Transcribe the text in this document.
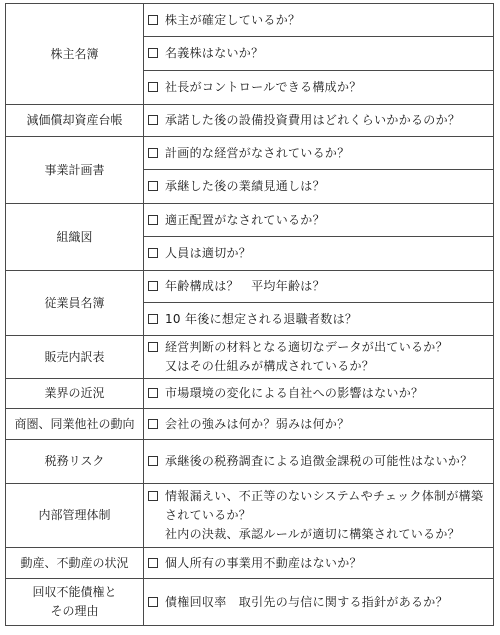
株主名簿	株主が確定しているか？

	名義株はないか？

	社長がコントロールできる構成か？

減価償却資産台帳	承諾した後の設備投資費用はどれくらいかかるのか？

事業計画書	計画的な経営がなされているか？

	承継した後の業績見通しは？

組織図	適正配置がなされているか？

	人員は適切か？

従業員名簿	年齢構成は？　平均年齢は？

	10 年後に想定される退職者数は？

販売内訳表	経営判断の材料となる適切なデータが出ているか？
又はその仕組みが構成されているか？

業界の近況	市場環境の変化による自社への影響はないか？

商圏、同業他社の動向	会社の強みは何か？弱みは何か？

税務リスク	承継後の税務調査による追徴金課税の可能性はないか？

内部管理体制	情報漏えい、不正等のないシステムやチェック体制が構築されているか？
社内の決裁、承認ルールが適切に構築されているか？

動産、不動産の状況	個人所有の事業用不動産はないか？

回収不能債権と
その理由	債権回収率　取引先の与信に関する指針があるか？
